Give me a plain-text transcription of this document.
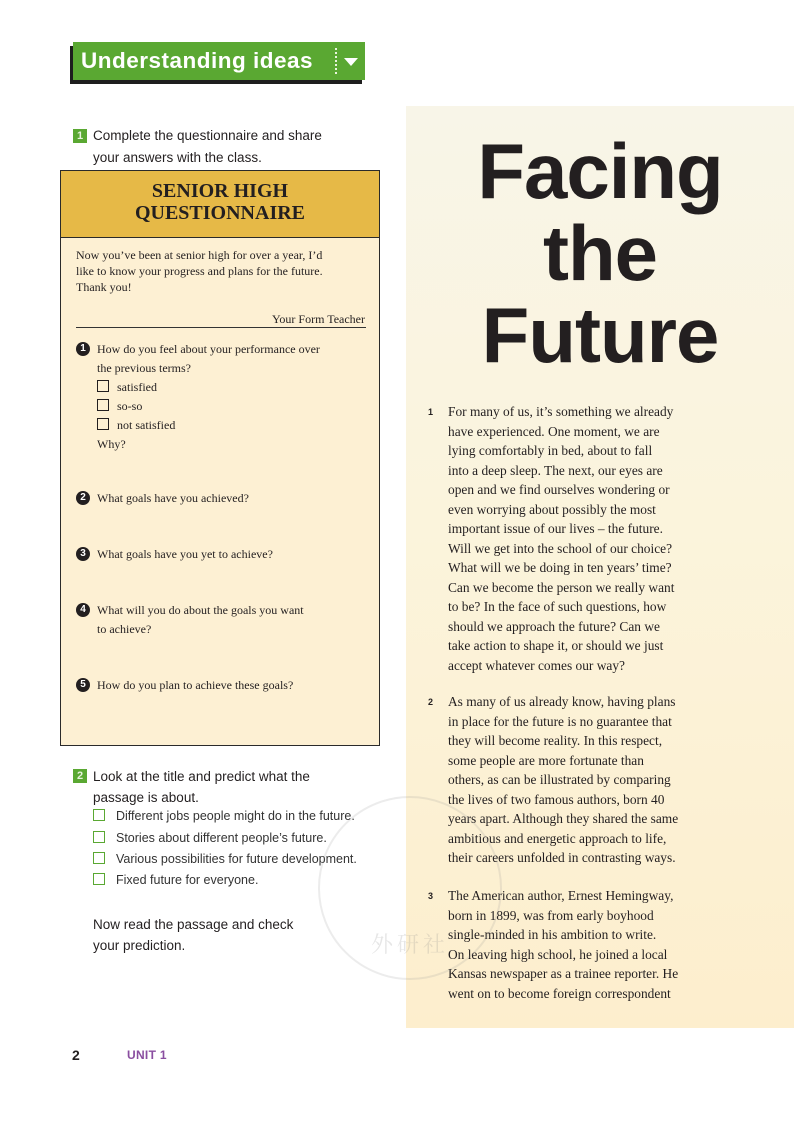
Understanding ideas
1 Complete the questionnaire and share
your answers with the class.
SENIOR HIGH
QUESTIONNAIRE
Now you’ve been at senior high for over a year, I’d
like to know your progress and plans for the future.
Thank you!
Your Form Teacher
1 How do you feel about your performance over
the previous terms?
satisfied
so-so
not satisfied
Why?
2 What goals have you achieved?
3 What goals have you yet to achieve?
4 What will you do about the goals you want
to achieve?
5 How do you plan to achieve these goals?
2 Look at the title and predict what the
passage is about.
Different jobs people might do in the future.
Stories about different people’s future.
Various possibilities for future development.
Fixed future for everyone.
Now read the passage and check
your prediction.
Facing
the
Future
1 For many of us, it’s something we already
have experienced. One moment, we are
lying comfortably in bed, about to fall
into a deep sleep. The next, our eyes are
open and we find ourselves wondering or
even worrying about possibly the most
important issue of our lives – the future.
Will we get into the school of our choice?
What will we be doing in ten years’ time?
Can we become the person we really want
to be? In the face of such questions, how
should we approach the future? Can we
take action to shape it, or should we just
accept whatever comes our way?
2 As many of us already know, having plans
in place for the future is no guarantee that
they will become reality. In this respect,
some people are more fortunate than
others, as can be illustrated by comparing
the lives of two famous authors, born 40
years apart. Although they shared the same
ambitious and energetic approach to life,
their careers unfolded in contrasting ways.
3 The American author, Ernest Hemingway,
born in 1899, was from early boyhood
single-minded in his ambition to write.
On leaving high school, he joined a local
Kansas newspaper as a trainee reporter. He
went on to become foreign correspondent
外研社
2	UNIT 1
